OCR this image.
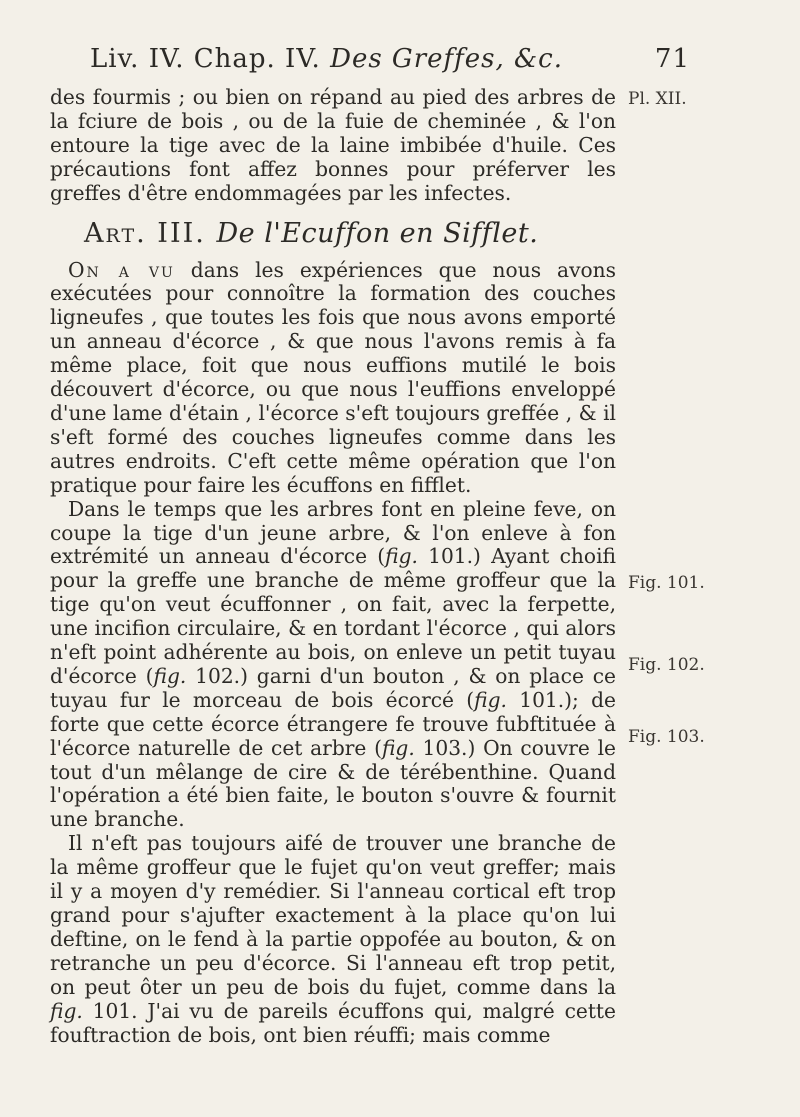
Liv. IV. Chap. IV. Des Greffes, &c.	71
Pl. XII.
Fig. 101.
Fig. 102.
Fig. 103.

des fourmis ; ou bien on répand au pied des arbres de la fciure de bois , ou de la fuie de cheminée , & l'on entoure la tige avec de la laine imbibée d'huile. Ces précautions font affez bonnes pour préferver les greffes d'être endommagées par les infectes.

Art. III. De l'Ecuffon en Sifflet.

On a vu dans les expériences que nous avons exécutées pour connoître la formation des couches ligneufes , que toutes les fois que nous avons emporté un anneau d'écorce , & que nous l'avons remis à fa même place, foit que nous euffions mutilé le bois découvert d'écorce, ou que nous l'euffions enveloppé d'une lame d'étain , l'écorce s'eft toujours greffée , & il s'eft formé des couches ligneufes comme dans les autres endroits. C'eft cette même opération que l'on pratique pour faire les écuffons en fifflet.

Dans le temps que les arbres font en pleine feve, on coupe la tige d'un jeune arbre, & l'on enleve à fon extrémité un anneau d'écorce (fig. 101.) Ayant choifi pour la greffe une branche de même groffeur que la tige qu'on veut écuffonner , on fait, avec la ferpette, une incifion circulaire, & en tordant l'écorce , qui alors n'eft point adhérente au bois, on enleve un petit tuyau d'écorce (fig. 102.) garni d'un bouton , & on place ce tuyau fur le morceau de bois écorcé (fig. 101.); de forte que cette écorce étrangere fe trouve fubftituée à l'écorce naturelle de cet arbre (fig. 103.) On couvre le tout d'un mêlange de cire & de térébenthine. Quand l'opération a été bien faite, le bouton s'ouvre & fournit une branche.

Il n'eft pas toujours aifé de trouver une branche de la même groffeur que le fujet qu'on veut greffer; mais il y a moyen d'y remédier. Si l'anneau cortical eft trop grand pour s'ajufter exactement à la place qu'on lui deftine, on le fend à la partie oppofée au bouton, & on retranche un peu d'écorce. Si l'anneau eft trop petit, on peut ôter un peu de bois du fujet, comme dans la fig. 101. J'ai vu de pareils écuffons qui, malgré cette fouftraction de bois, ont bien réuffi; mais comme
